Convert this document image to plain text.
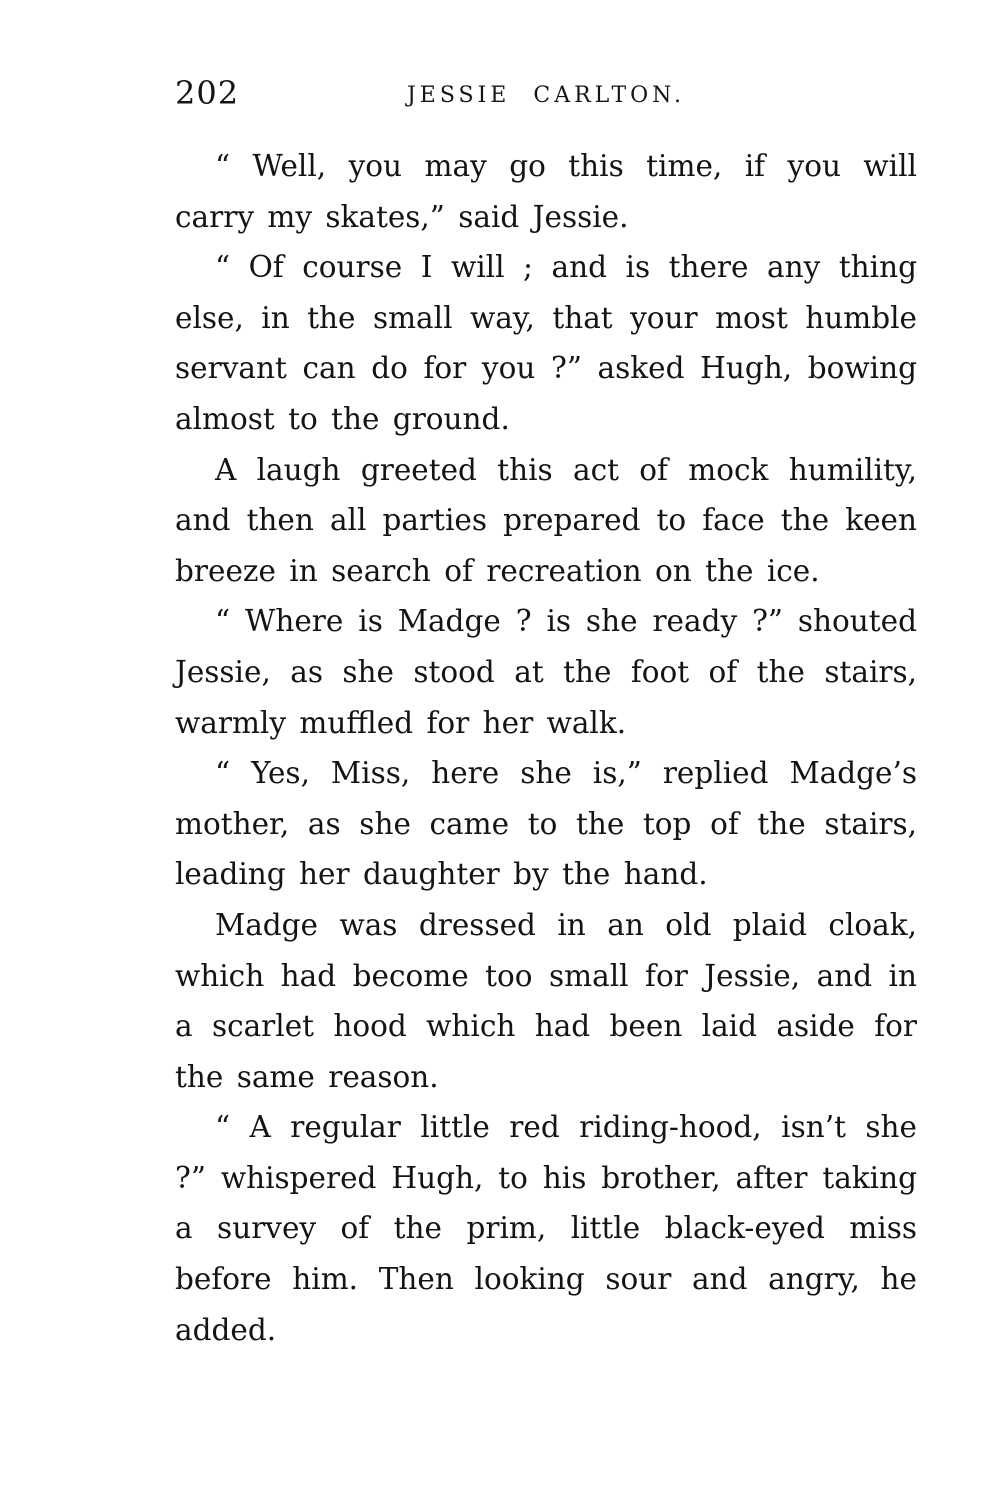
202	JESSIE CARLTON.

“ Well, you may go this time, if you will carry my skates,” said Jessie.

“ Of course I will ; and is there any thing else, in the small way, that your most humble servant can do for you ?” asked Hugh, bowing almost to the ground.

A laugh greeted this act of mock humility, and then all parties prepared to face the keen breeze in search of recreation on the ice.

“ Where is Madge ? is she ready ?” shouted Jessie, as she stood at the foot of the stairs, warmly muffled for her walk.

“ Yes, Miss, here she is,” replied Madge’s mother, as she came to the top of the stairs, leading her daughter by the hand.

Madge was dressed in an old plaid cloak, which had become too small for Jessie, and in a scarlet hood which had been laid aside for the same reason.

“ A regular little red riding-hood, isn’t she ?” whispered Hugh, to his brother, after taking a survey of the prim, little black-eyed miss before him. Then looking sour and angry, he added.
